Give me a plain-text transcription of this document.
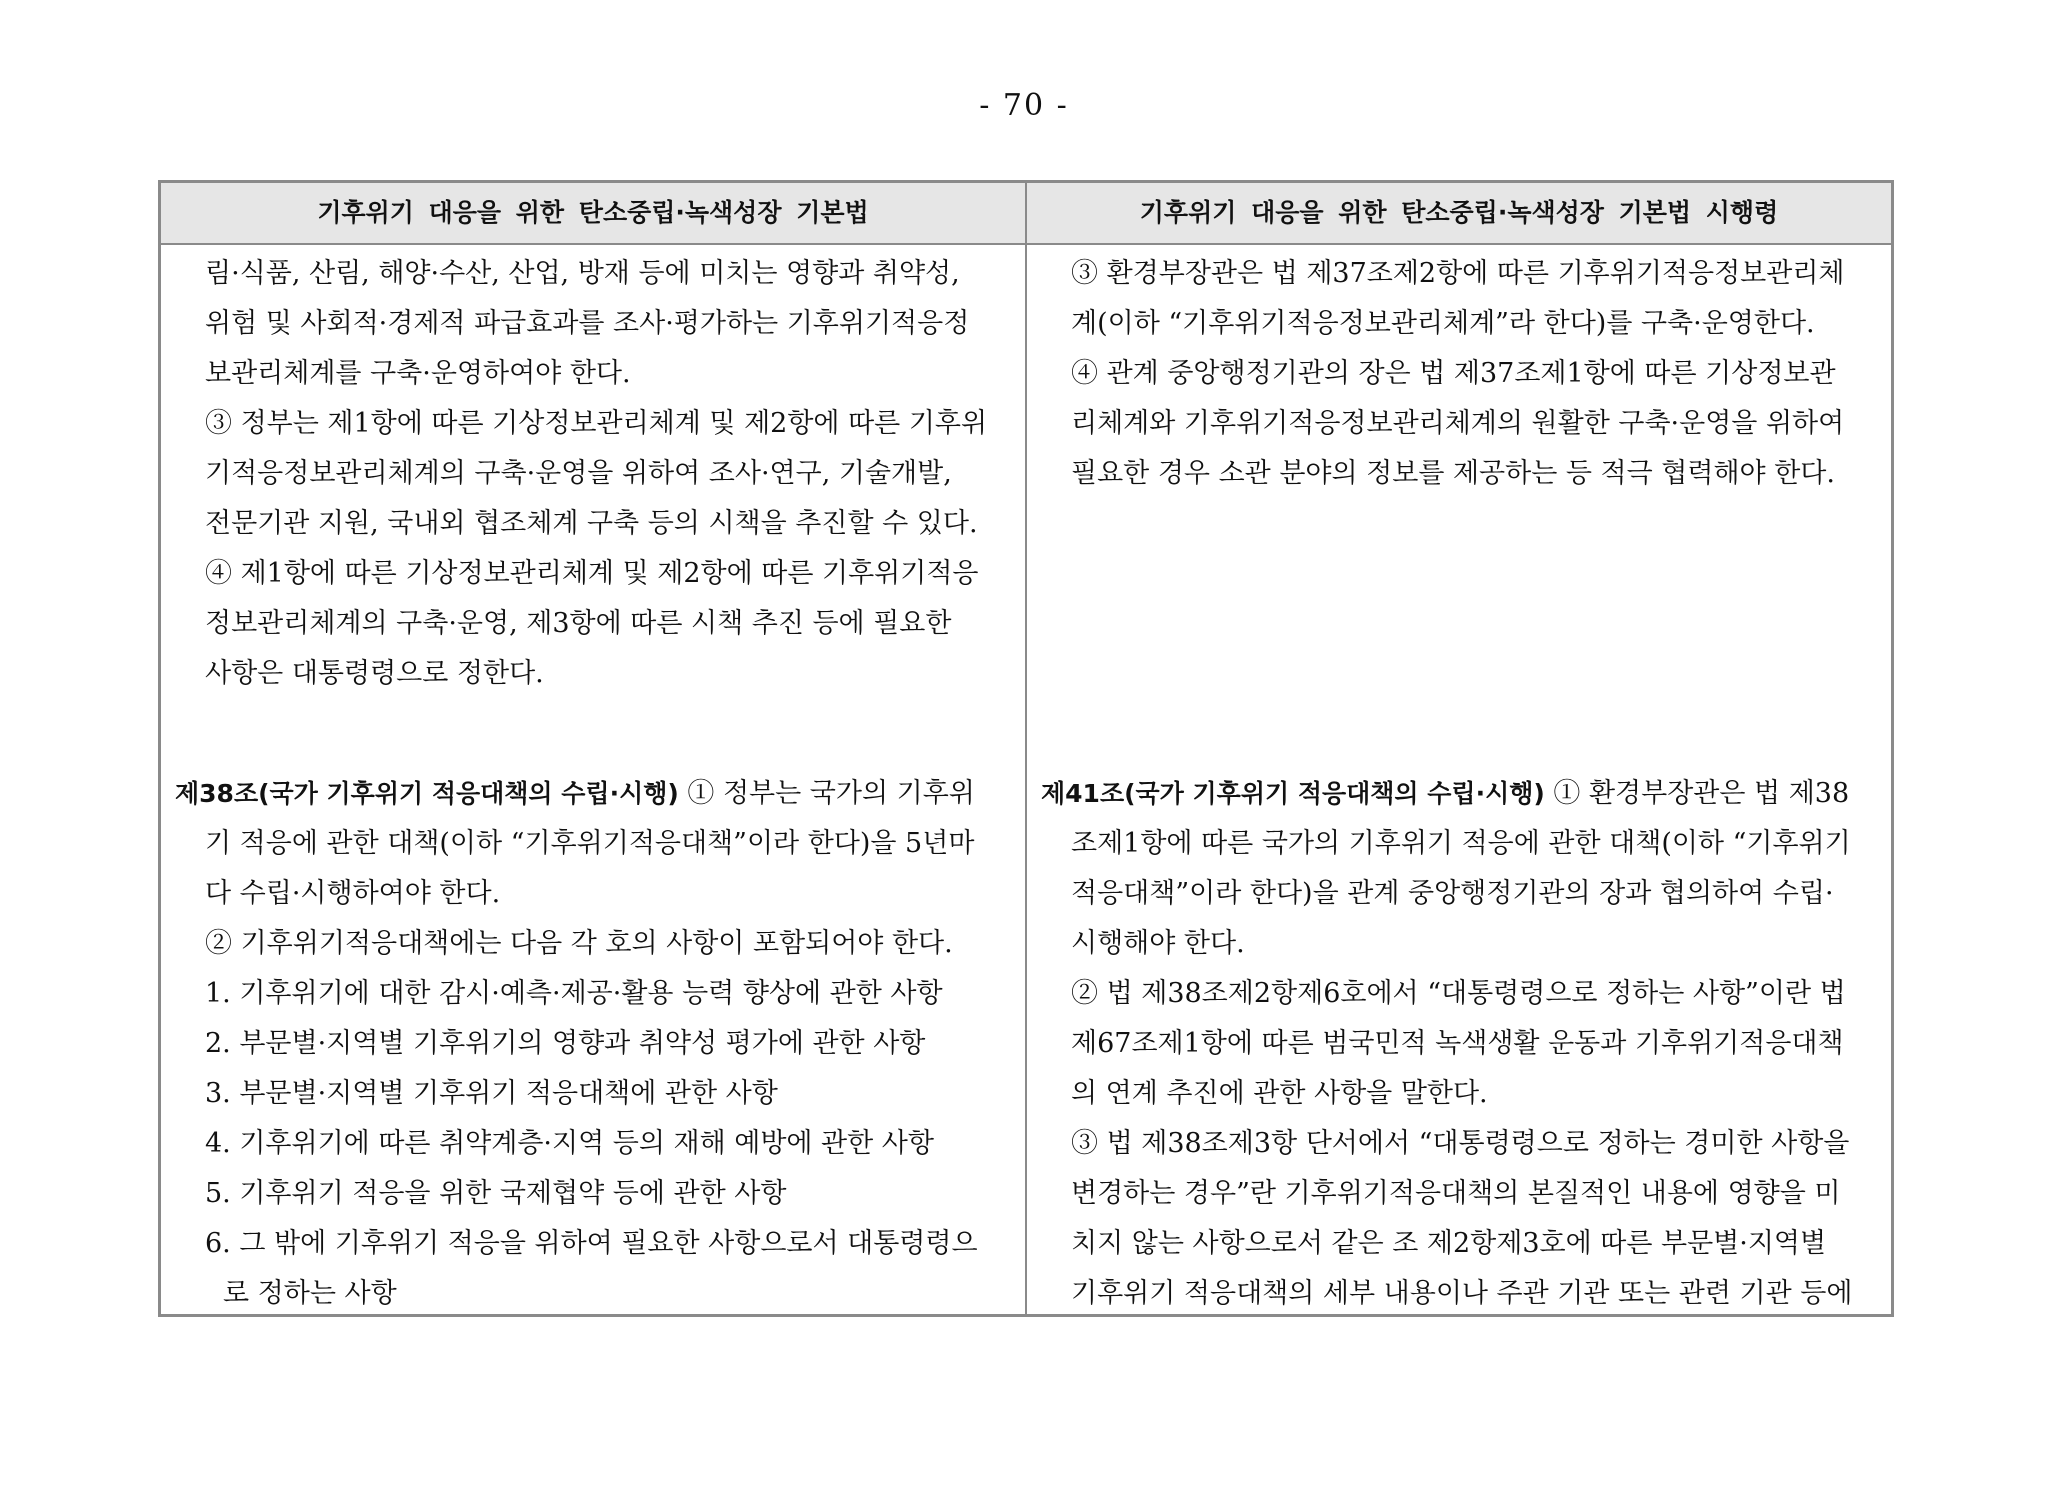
- 70 -
기후위기 대응을 위한 탄소중립·녹색성장 기본법	기후위기 대응을 위한 탄소중립·녹색성장 기본법 시행령
림·식품, 산림, 해양·수산, 산업, 방재 등에 미치는 영향과 취약성,
위험 및 사회적·경제적 파급효과를 조사·평가하는 기후위기적응정
보관리체계를 구축·운영하여야 한다.
③ 정부는 제1항에 따른 기상정보관리체계 및 제2항에 따른 기후위
기적응정보관리체계의 구축·운영을 위하여 조사·연구, 기술개발,
전문기관 지원, 국내외 협조체계 구축 등의 시책을 추진할 수 있다.
④ 제1항에 따른 기상정보관리체계 및 제2항에 따른 기후위기적응
정보관리체계의 구축·운영, 제3항에 따른 시책 추진 등에 필요한
사항은 대통령령으로 정한다.
제38조(국가 기후위기 적응대책의 수립·시행) ① 정부는 국가의 기후위
기 적응에 관한 대책(이하 “기후위기적응대책”이라 한다)을 5년마
다 수립·시행하여야 한다.
② 기후위기적응대책에는 다음 각 호의 사항이 포함되어야 한다.
1. 기후위기에 대한 감시·예측·제공·활용 능력 향상에 관한 사항
2. 부문별·지역별 기후위기의 영향과 취약성 평가에 관한 사항
3. 부문별·지역별 기후위기 적응대책에 관한 사항
4. 기후위기에 따른 취약계층·지역 등의 재해 예방에 관한 사항
5. 기후위기 적응을 위한 국제협약 등에 관한 사항
6. 그 밖에 기후위기 적응을 위하여 필요한 사항으로서 대통령령으
로 정하는 사항
③ 환경부장관은 법 제37조제2항에 따른 기후위기적응정보관리체
계(이하 “기후위기적응정보관리체계”라 한다)를 구축·운영한다.
④ 관계 중앙행정기관의 장은 법 제37조제1항에 따른 기상정보관
리체계와 기후위기적응정보관리체계의 원활한 구축·운영을 위하여
필요한 경우 소관 분야의 정보를 제공하는 등 적극 협력해야 한다.
제41조(국가 기후위기 적응대책의 수립·시행) ① 환경부장관은 법 제38
조제1항에 따른 국가의 기후위기 적응에 관한 대책(이하 “기후위기
적응대책”이라 한다)을 관계 중앙행정기관의 장과 협의하여 수립·
시행해야 한다.
② 법 제38조제2항제6호에서 “대통령령으로 정하는 사항”이란 법
제67조제1항에 따른 범국민적 녹색생활 운동과 기후위기적응대책
의 연계 추진에 관한 사항을 말한다.
③ 법 제38조제3항 단서에서 “대통령령으로 정하는 경미한 사항을
변경하는 경우”란 기후위기적응대책의 본질적인 내용에 영향을 미
치지 않는 사항으로서 같은 조 제2항제3호에 따른 부문별·지역별
기후위기 적응대책의 세부 내용이나 주관 기관 또는 관련 기관 등에
